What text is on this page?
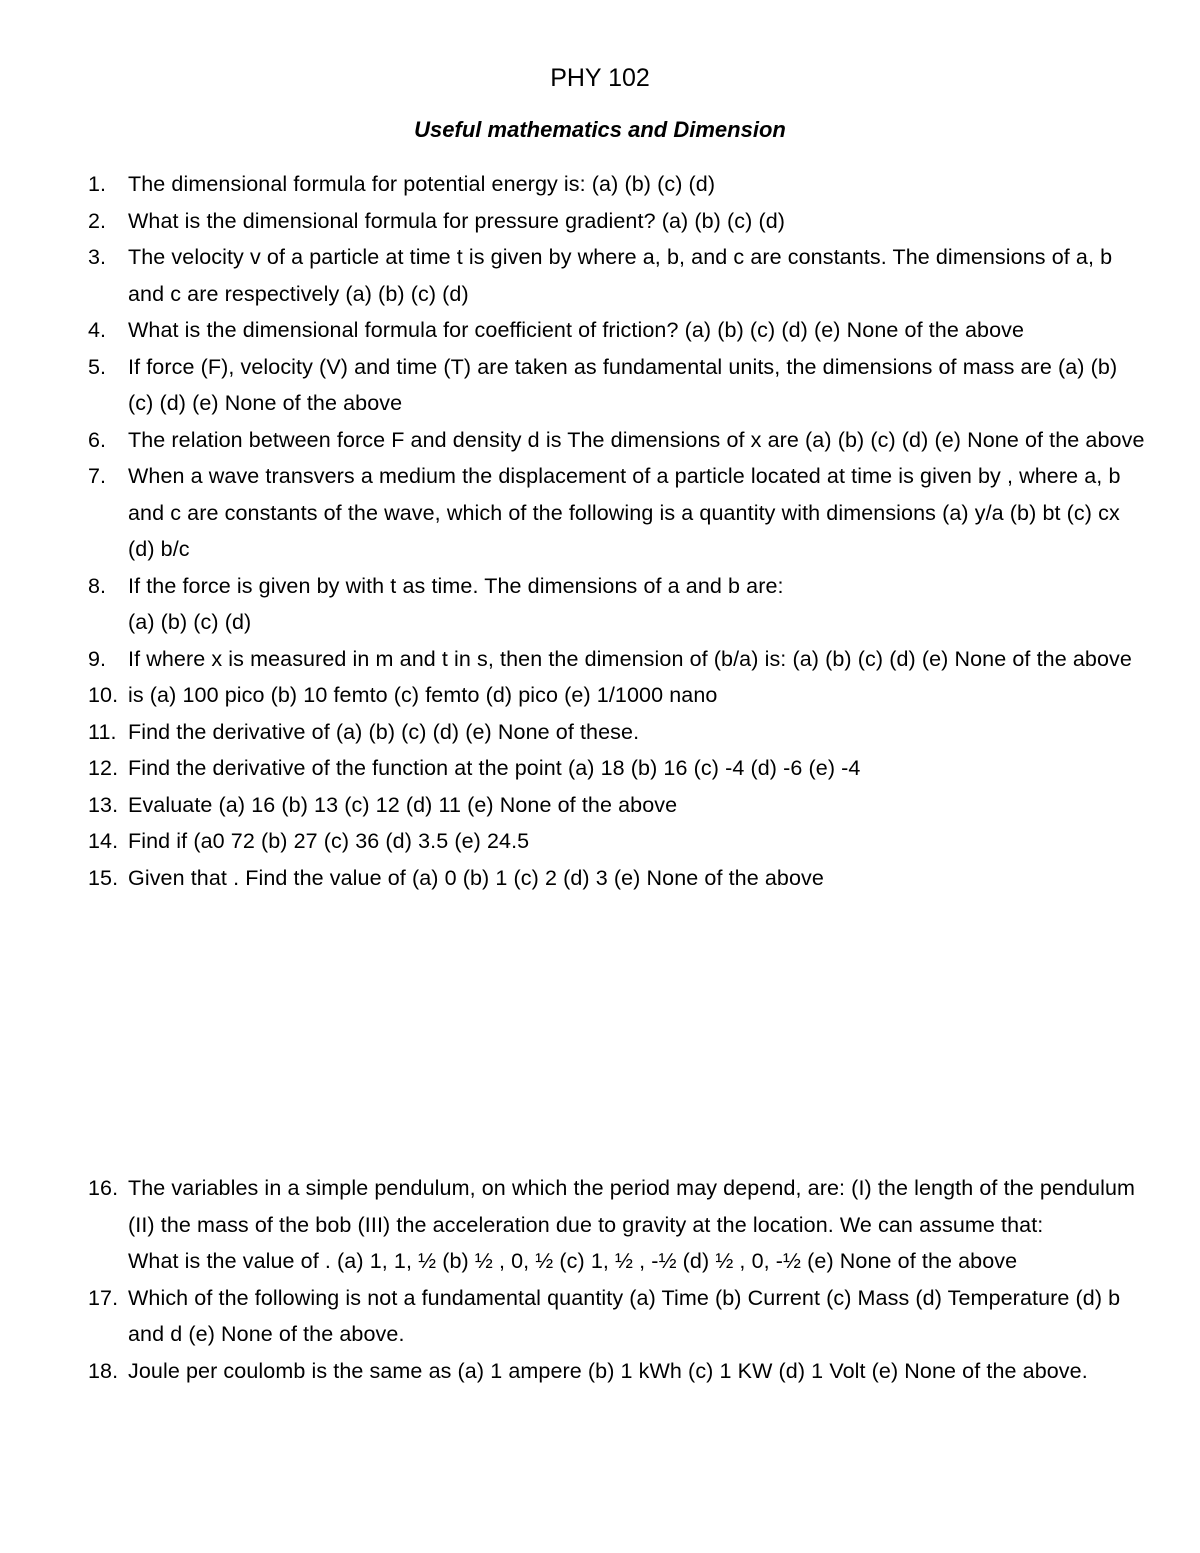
PHY 102
Useful mathematics and Dimension
1.	The dimensional formula for potential energy is: (a) (b) (c) (d)
2.	What is the dimensional formula for pressure gradient? (a) (b) (c) (d)
3.	The velocity v of a particle at time t is given by where a, b, and c are constants. The dimensions of a, b and c are respectively (a) (b) (c) (d)
4.	What is the dimensional formula for coefficient of friction? (a) (b) (c) (d) (e) None of the above
5.	If force (F), velocity (V) and time (T) are taken as fundamental units, the dimensions of mass are (a) (b) (c) (d) (e) None of the above
6.	The relation between force F and density d is The dimensions of x are (a) (b) (c) (d) (e) None of the above
7.	When a wave transvers a medium the displacement of a particle located at time is given by , where a, b and c are constants of the wave, which of the following is a quantity with dimensions (a) y/a (b) bt (c) cx (d) b/c
8.	If the force is given by with t as time. The dimensions of a and b are:
(a) (b) (c) (d)
9.	If where x is measured in m and t in s, then the dimension of (b/a) is: (a) (b) (c) (d) (e) None of the above
10. is (a) 100 pico (b) 10 femto (c) femto (d) pico (e) 1/1000 nano
11. Find the derivative of (a) (b) (c) (d) (e) None of these.
12. Find the derivative of the function at the point (a) 18 (b) 16 (c) -4 (d) -6 (e) -4
13. Evaluate (a) 16 (b) 13 (c) 12 (d) 11 (e) None of the above
14. Find if (a0 72 (b) 27 (c) 36 (d) 3.5 (e) 24.5
15. Given that . Find the value of (a) 0 (b) 1 (c) 2 (d) 3 (e) None of the above
16. The variables in a simple pendulum, on which the period may depend, are: (I) the length of the pendulum (II) the mass of the bob (III) the acceleration due to gravity at the location. We can assume that:
What is the value of . (a) 1, 1, ½ (b) ½ , 0, ½ (c) 1, ½ , -½ (d) ½ , 0, -½ (e) None of the above
17. Which of the following is not a fundamental quantity (a) Time (b) Current (c) Mass (d) Temperature (d) b and d (e) None of the above.
18. Joule per coulomb is the same as (a) 1 ampere (b) 1 kWh (c) 1 KW (d) 1 Volt (e) None of the above.
